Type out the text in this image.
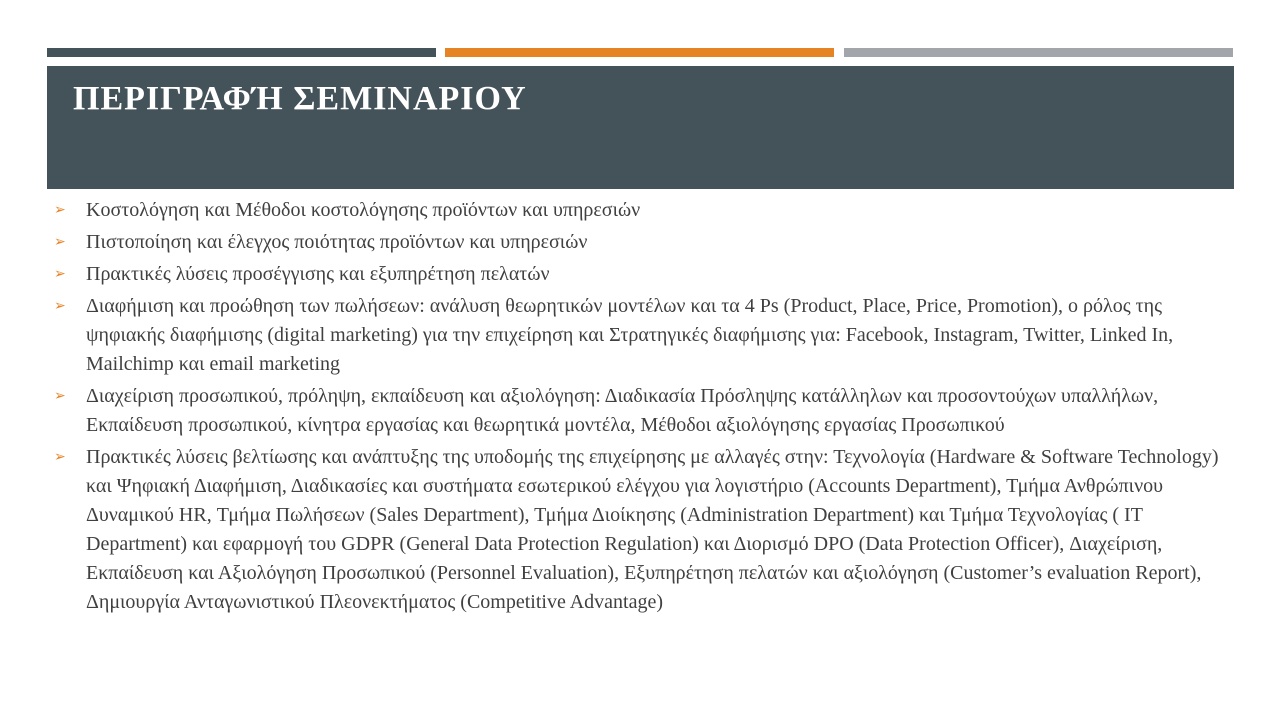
ΠΕΡΙΓΡΑΦΉ ΣΕΜΙΝΑΡΙΟΥ
➢ Κοστολόγηση και Μέθοδοι κοστολόγησης προϊόντων και υπηρεσιών
➢ Πιστοποίηση και έλεγχος ποιότητας προϊόντων και υπηρεσιών
➢ Πρακτικές λύσεις προσέγγισης και εξυπηρέτηση πελατών
➢ Διαφήμιση και προώθηση των πωλήσεων: ανάλυση θεωρητικών μοντέλων και τα 4 Ps (Product, Place, Price, Promotion), ο ρόλος της ψηφιακής διαφήμισης (digital marketing) για την επιχείρηση και Στρατηγικές διαφήμισης για: Facebook, Instagram, Twitter, Linked In, Mailchimp και email marketing
➢ Διαχείριση προσωπικού, πρόληψη, εκπαίδευση και αξιολόγηση: Διαδικασία Πρόσληψης κατάλληλων και προσοντούχων υπαλλήλων, Εκπαίδευση προσωπικού, κίνητρα εργασίας και θεωρητικά μοντέλα, Μέθοδοι αξιολόγησης εργασίας Προσωπικού
➢ Πρακτικές λύσεις βελτίωσης και ανάπτυξης της υποδομής της επιχείρησης με αλλαγές στην: Τεχνολογία (Hardware & Software Technology) και Ψηφιακή Διαφήμιση, Διαδικασίες και συστήματα εσωτερικού ελέγχου για λογιστήριο (Accounts Department), Τμήμα Ανθρώπινου Δυναμικού HR, Τμήμα Πωλήσεων (Sales Department), Τμήμα Διοίκησης (Administration Department) και Τμήμα Τεχνολογίας ( IT Department) και εφαρμογή του GDPR (General Data Protection Regulation) και Διορισμό DPO (Data Protection Officer), Διαχείριση, Εκπαίδευση και Αξιολόγηση Προσωπικού (Personnel Evaluation), Εξυπηρέτηση πελατών και αξιολόγηση (Customer’s evaluation Report), Δημιουργία Ανταγωνιστικού Πλεονεκτήματος (Competitive Advantage)
